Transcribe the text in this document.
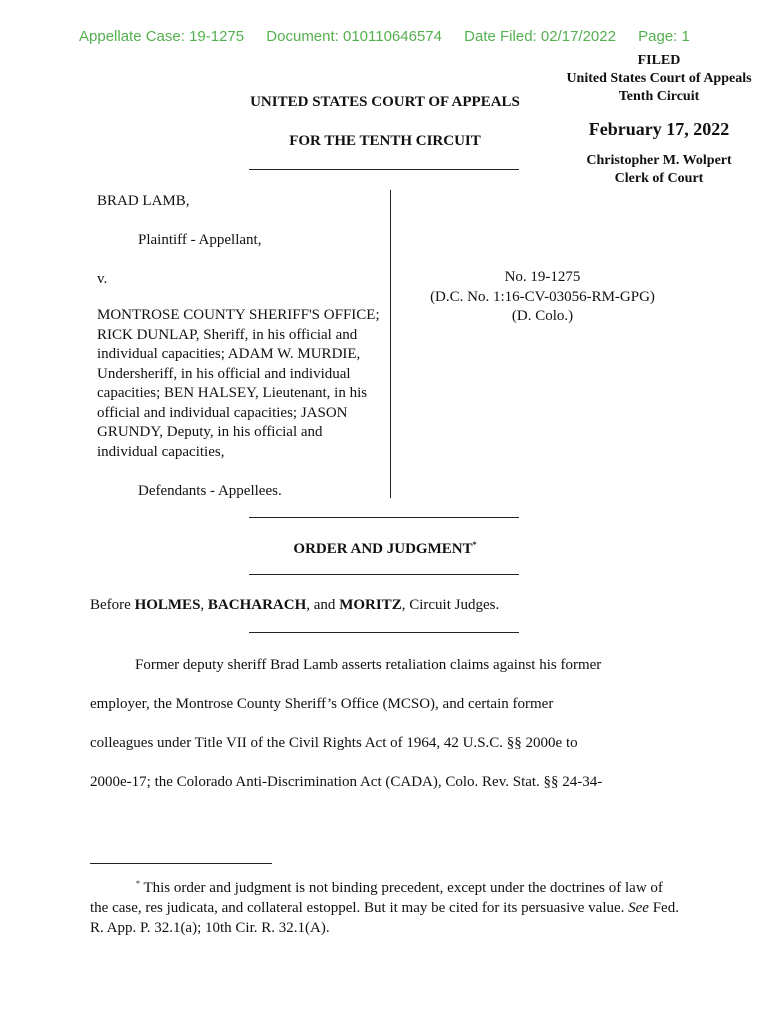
Appellate Case: 19-1275 Document: 010110646574 Date Filed: 02/17/2022 Page: 1
FILED
United States Court of Appeals
Tenth Circuit
February 17, 2022
Christopher M. Wolpert
Clerk of Court
UNITED STATES COURT OF APPEALS
FOR THE TENTH CIRCUIT
BRAD LAMB,
Plaintiff - Appellant,
v.
MONTROSE COUNTY SHERIFF'S OFFICE; RICK DUNLAP, Sheriff, in his official and individual capacities; ADAM W. MURDIE, Undersheriff, in his official and individual capacities; BEN HALSEY, Lieutenant, in his official and individual capacities; JASON GRUNDY, Deputy, in his official and individual capacities,
Defendants - Appellees.
No. 19-1275
(D.C. No. 1:16-CV-03056-RM-GPG)
(D. Colo.)
ORDER AND JUDGMENT*
Before HOLMES, BACHARACH, and MORITZ, Circuit Judges.
Former deputy sheriff Brad Lamb asserts retaliation claims against his former
employer, the Montrose County Sheriff’s Office (MCSO), and certain former
colleagues under Title VII of the Civil Rights Act of 1964, 42 U.S.C. §§ 2000e to
2000e-17; the Colorado Anti-Discrimination Act (CADA), Colo. Rev. Stat. §§ 24-34-
* This order and judgment is not binding precedent, except under the doctrines of law of the case, res judicata, and collateral estoppel. But it may be cited for its persuasive value. See Fed. R. App. P. 32.1(a); 10th Cir. R. 32.1(A).
